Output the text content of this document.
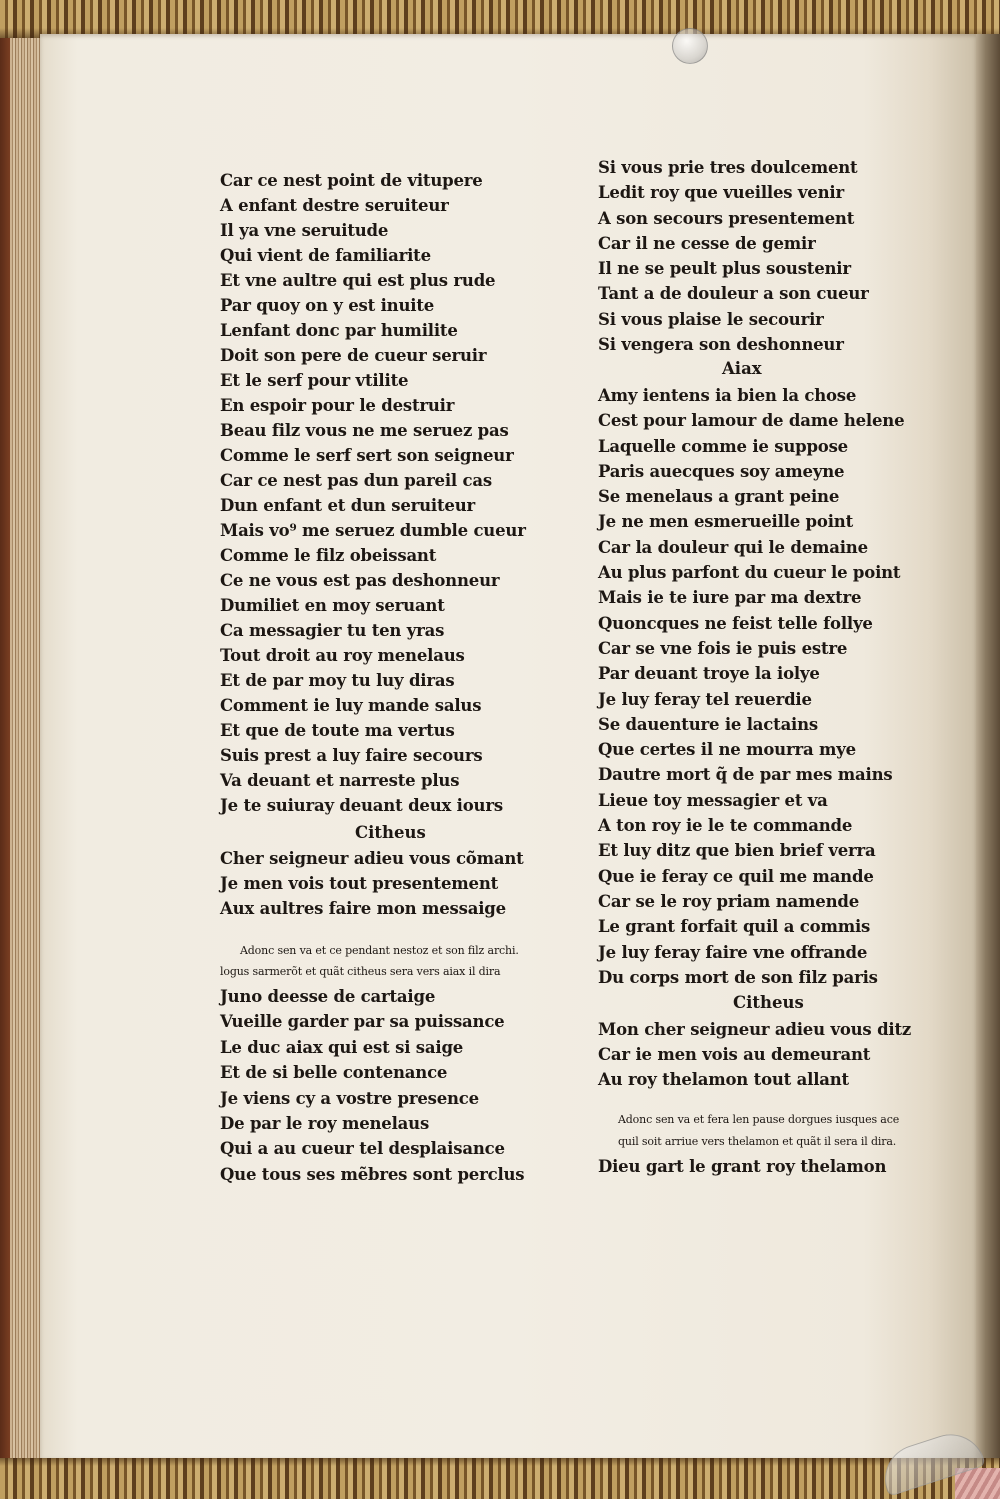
Car ce nest point de vitupere
A enfant destre seruiteur
Il ya vne seruitude
Qui vient de familiarite
Et vne aultre qui est plus rude
Par quoy on y est inuite
Lenfant donc par humilite
Doit son pere de cueur seruir
Et le serf pour vtilite
En espoir pour le destruir
Beau filz vous ne me seruez pas
Comme le serf sert son seigneur
Car ce nest pas dun pareil cas
Dun enfant et dun seruiteur
Mais vo⁹ me seruez dumble cueur
Comme le filz obeissant
Ce ne vous est pas deshonneur
Dumiliet en moy seruant
Ca messagier tu ten yras
Tout droit au roy menelaus
Et de par moy tu luy diras
Comment ie luy mande salus
Et que de toute ma vertus
Suis prest a luy faire secours
Va deuant et narreste plus
Je te suiuray deuant deux iours
Citheus
Cher seigneur adieu vous cõmant
Je men vois tout presentement
Aux aultres faire mon messaige
Adonc sen va et ce pendant nestoz et son filz archi.
logus sarmerõt et quãt citheus sera vers aiax il dira
Juno deesse de cartaige
Vueille garder par sa puissance
Le duc aiax qui est si saige
Et de si belle contenance
Je viens cy a vostre presence
De par le roy menelaus
Qui a au cueur tel desplaisance
Que tous ses mẽbres sont perclus
Si vous prie tres doulcement
Ledit roy que vueilles venir
A son secours presentement
Car il ne cesse de gemir
Il ne se peult plus soustenir
Tant a de douleur a son cueur
Si vous plaise le secourir
Si vengera son deshonneur
Aiax
Amy ientens ia bien la chose
Cest pour lamour de dame helene
Laquelle comme ie suppose
Paris auecques soy ameyne
Se menelaus a grant peine
Je ne men esmerueille point
Car la douleur qui le demaine
Au plus parfont du cueur le point
Mais ie te iure par ma dextre
Quoncques ne feist telle follye
Car se vne fois ie puis estre
Par deuant troye la iolye
Je luy feray tel reuerdie
Se dauenture ie lactains
Que certes il ne mourra mye
Dautre mort q̃ de par mes mains
Lieue toy messagier et va
A ton roy ie le te commande
Et luy ditz que bien brief verra
Que ie feray ce quil me mande
Car se le roy priam namende
Le grant forfait quil a commis
Je luy feray faire vne offrande
Du corps mort de son filz paris
Citheus
Mon cher seigneur adieu vous ditz
Car ie men vois au demeurant
Au roy thelamon tout allant
Adonc sen va et fera len pause dorgues iusques ace
quil soit arriue vers thelamon et quãt il sera il dira.
Dieu gart le grant roy thelamon
